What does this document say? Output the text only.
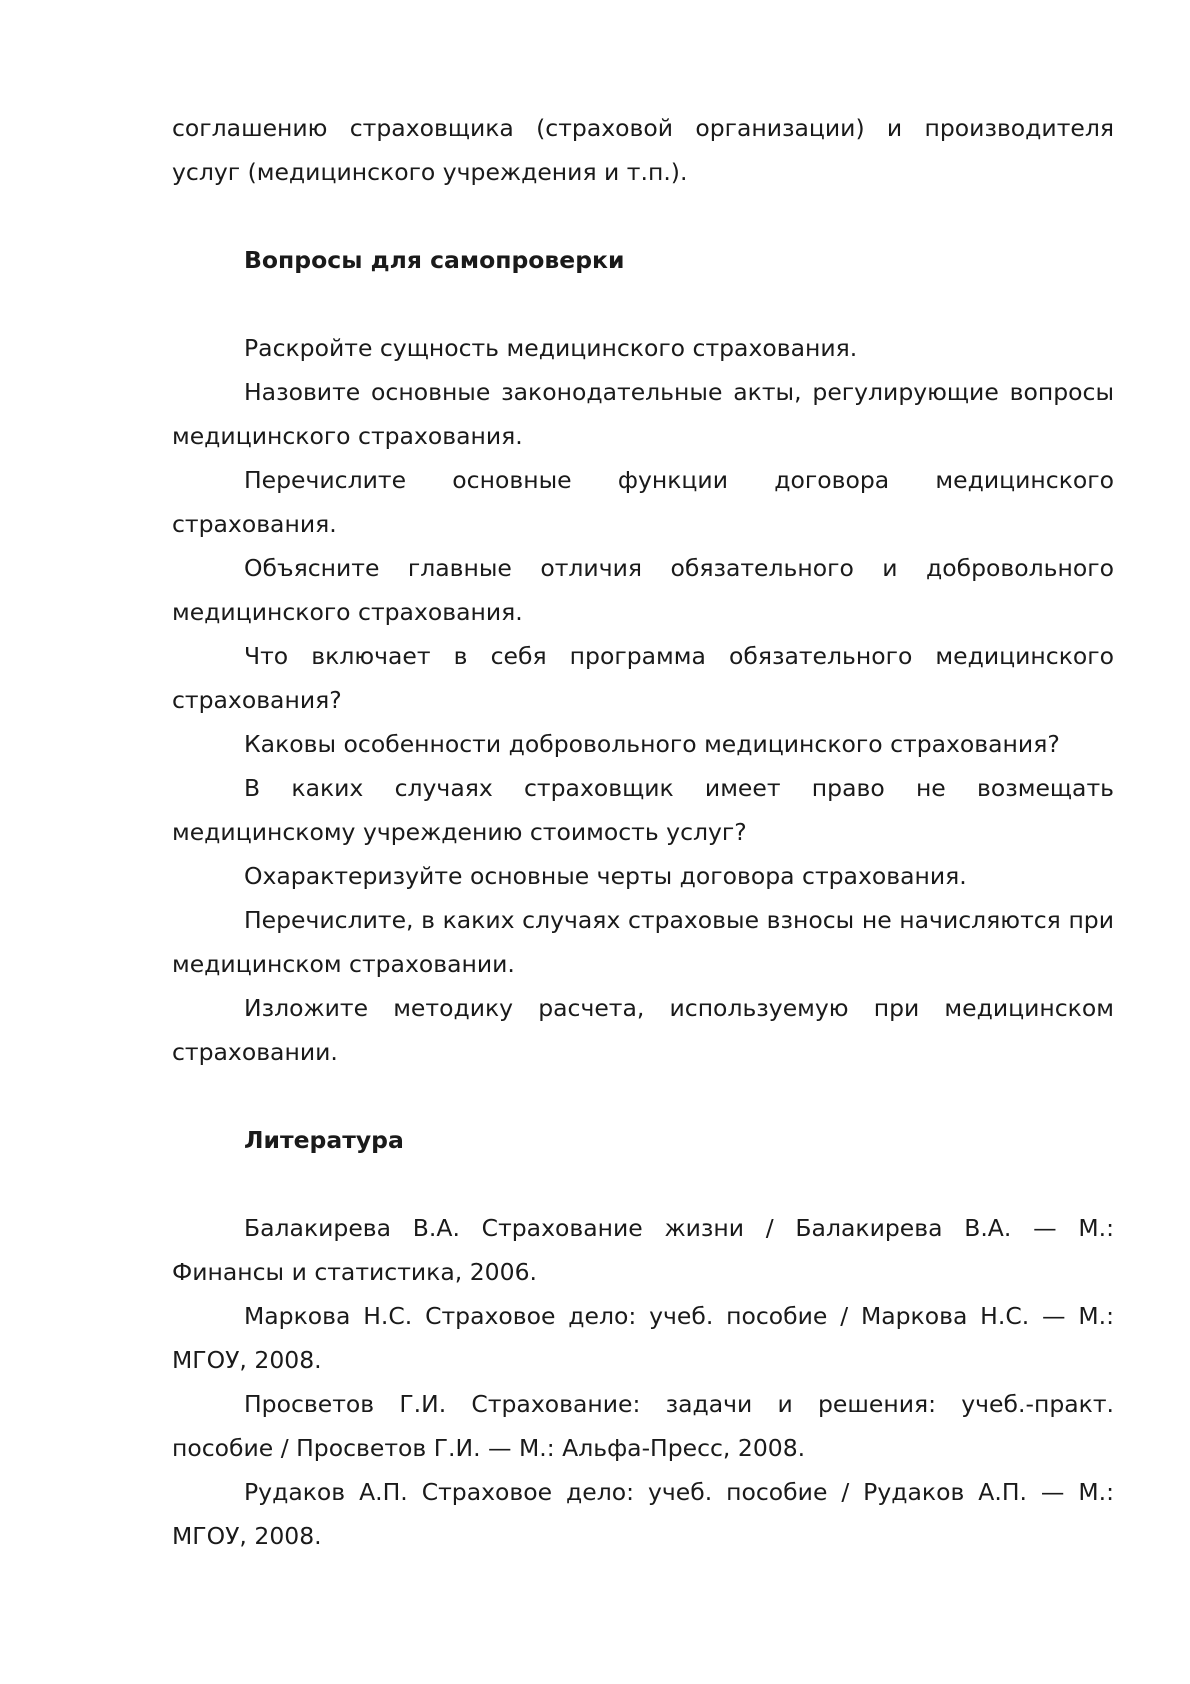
соглашению страховщика (страховой организации) и производителя услуг (медицинского учреждения и т.п.).

Вопросы для самопроверки

Раскройте сущность медицинского страхования.

Назовите основные законодательные акты, регулирующие вопросы медицинского страхования.

Перечислите основные функции договора медицинского страхования.

Объясните главные отличия обязательного и добровольного медицинского страхования.

Что включает в себя программа обязательного медицинского страхования?

Каковы особенности добровольного медицинского страхования?

В каких случаях страховщик имеет право не возмещать медицинскому учреждению стоимость услуг?

Охарактеризуйте основные черты договора страхования.

Перечислите, в каких случаях страховые взносы не начисляются при медицинском страховании.

Изложите методику расчета, используемую при медицинском страховании.

Литература

Балакирева В.А. Страхование жизни / Балакирева В.А. — М.: Финансы и статистика, 2006.

Маркова Н.С. Страховое дело: учеб. пособие / Маркова Н.С. — М.: МГОУ, 2008.

Просветов Г.И. Страхование: задачи и решения: учеб.-практ. пособие / Просветов Г.И. — М.: Альфа-Пресс, 2008.

Рудаков А.П. Страховое дело: учеб. пособие / Рудаков А.П. — М.: МГОУ, 2008.
